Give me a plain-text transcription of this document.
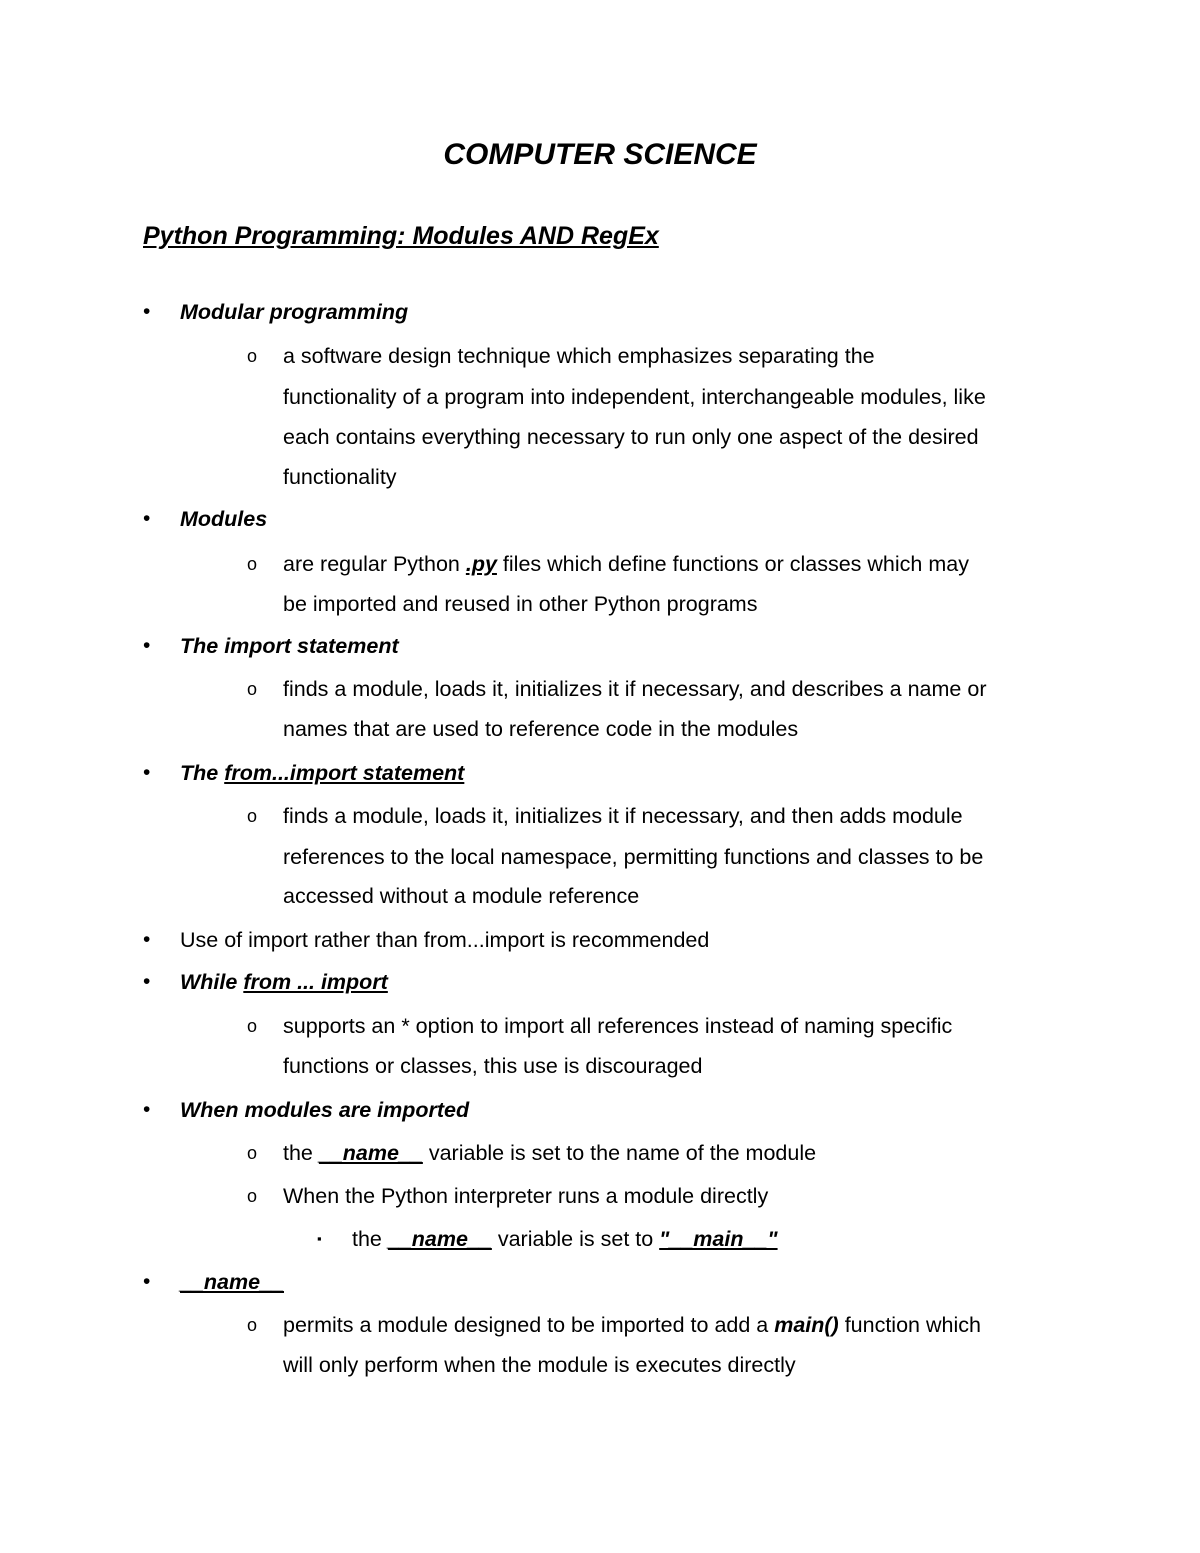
COMPUTER SCIENCE
Python Programming: Modules AND RegEx
• Modular programming
o a software design technique which emphasizes separating the
functionality of a program into independent, interchangeable modules, like
each contains everything necessary to run only one aspect of the desired
functionality
• Modules
o are regular Python .py files which define functions or classes which may
be imported and reused in other Python programs
• The import statement
o finds a module, loads it, initializes it if necessary, and describes a name or
names that are used to reference code in the modules
• The from...import statement
o finds a module, loads it, initializes it if necessary, and then adds module
references to the local namespace, permitting functions and classes to be
accessed without a module reference
• Use of import rather than from...import is recommended
• While from ... import
o supports an * option to import all references instead of naming specific
functions or classes, this use is discouraged
• When modules are imported
o the __name__ variable is set to the name of the module
o When the Python interpreter runs a module directly
▪ the __name__ variable is set to "__main__"
• __name__
o permits a module designed to be imported to add a main() function which
will only perform when the module is executes directly
